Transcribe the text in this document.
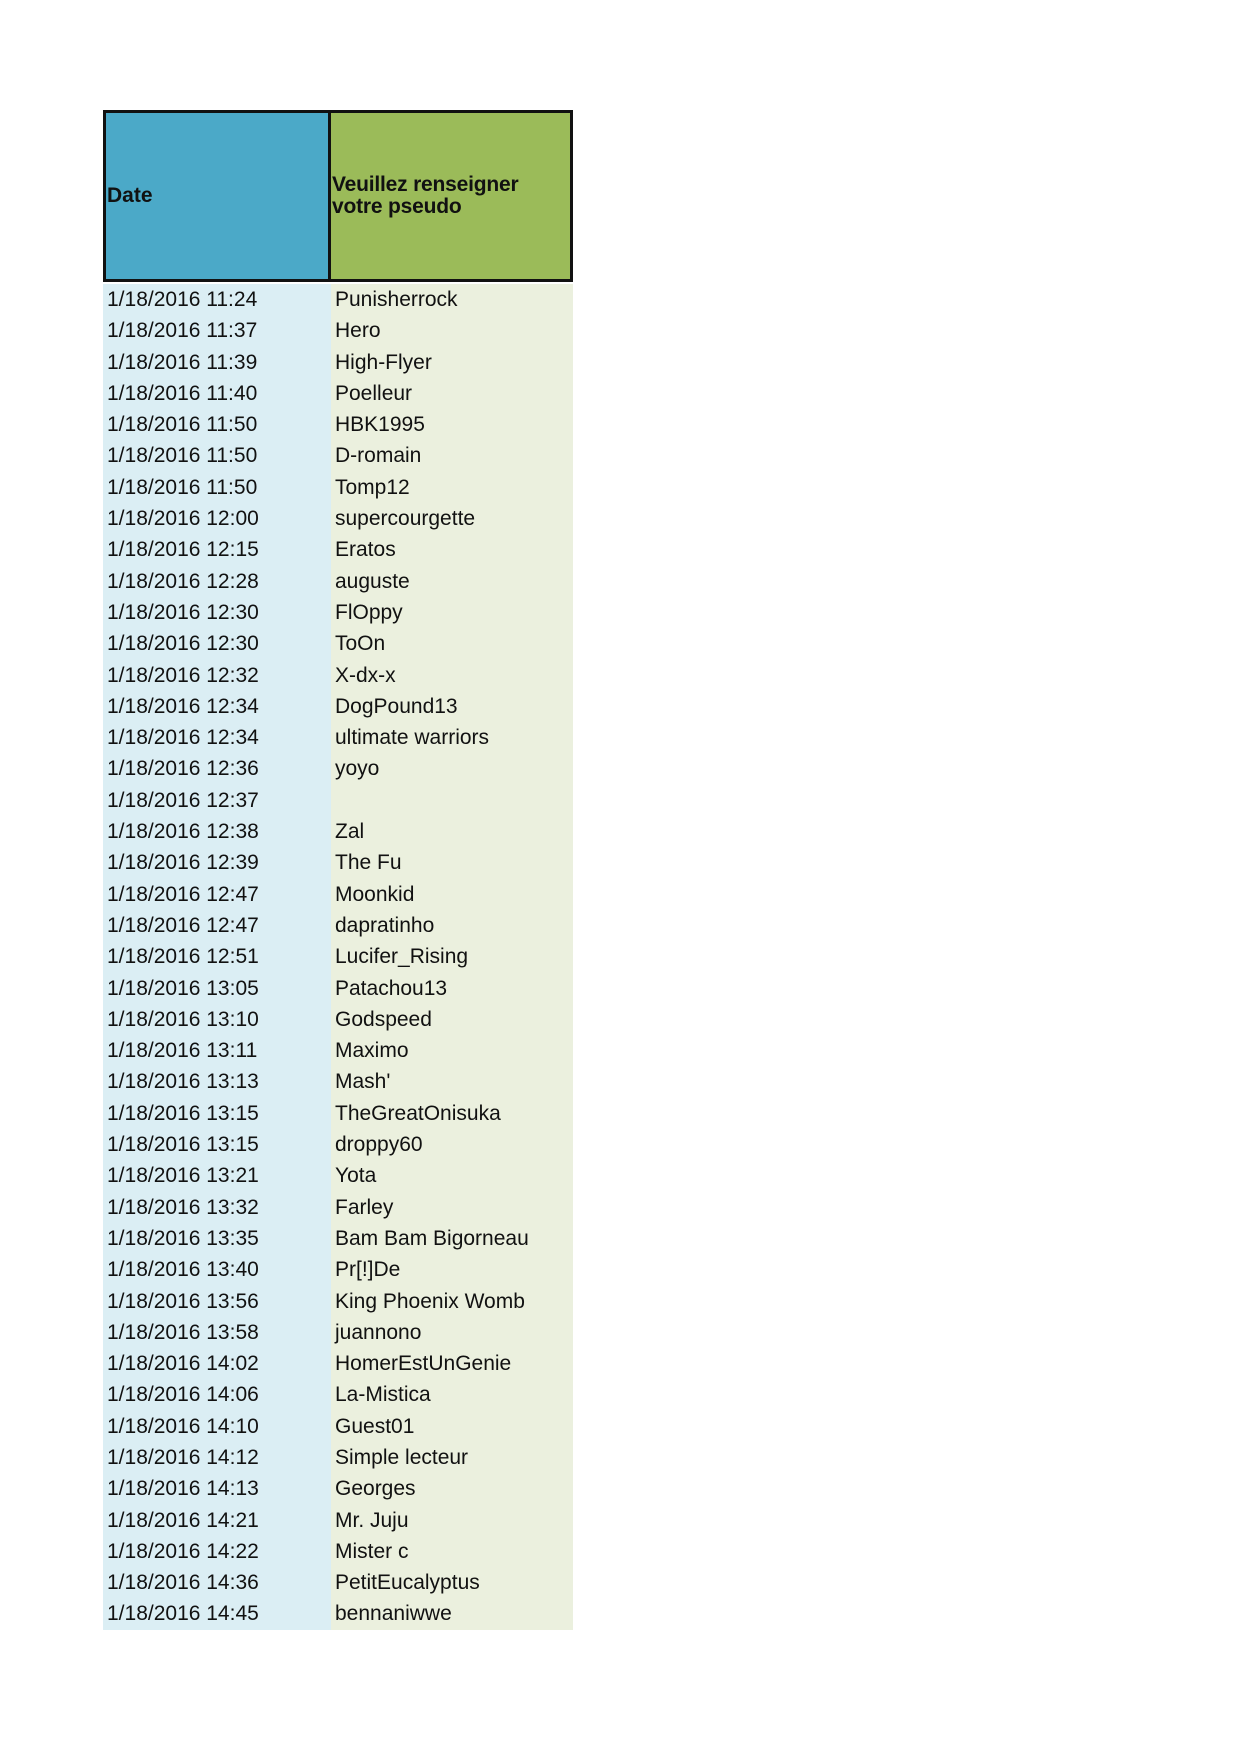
Date	Veuillez renseigner votre pseudo
1/18/2016 11:24	Punisherrock
1/18/2016 11:37	Hero
1/18/2016 11:39	High-Flyer
1/18/2016 11:40	Poelleur
1/18/2016 11:50	HBK1995
1/18/2016 11:50	D-romain
1/18/2016 11:50	Tomp12
1/18/2016 12:00	supercourgette
1/18/2016 12:15	Eratos
1/18/2016 12:28	auguste
1/18/2016 12:30	FlOppy
1/18/2016 12:30	ToOn
1/18/2016 12:32	X-dx-x
1/18/2016 12:34	DogPound13
1/18/2016 12:34	ultimate warriors
1/18/2016 12:36	yoyo
1/18/2016 12:37
1/18/2016 12:38	Zal
1/18/2016 12:39	The Fu
1/18/2016 12:47	Moonkid
1/18/2016 12:47	dapratinho
1/18/2016 12:51	Lucifer_Rising
1/18/2016 13:05	Patachou13
1/18/2016 13:10	Godspeed
1/18/2016 13:11	Maximo
1/18/2016 13:13	Mash'
1/18/2016 13:15	TheGreatOnisuka
1/18/2016 13:15	droppy60
1/18/2016 13:21	Yota
1/18/2016 13:32	Farley
1/18/2016 13:35	Bam Bam Bigorneau
1/18/2016 13:40	Pr[!]De
1/18/2016 13:56	King Phoenix Womb
1/18/2016 13:58	juannono
1/18/2016 14:02	HomerEstUnGenie
1/18/2016 14:06	La-Mistica
1/18/2016 14:10	Guest01
1/18/2016 14:12	Simple lecteur
1/18/2016 14:13	Georges
1/18/2016 14:21	Mr. Juju
1/18/2016 14:22	Mister c
1/18/2016 14:36	PetitEucalyptus
1/18/2016 14:45	bennaniwwe
